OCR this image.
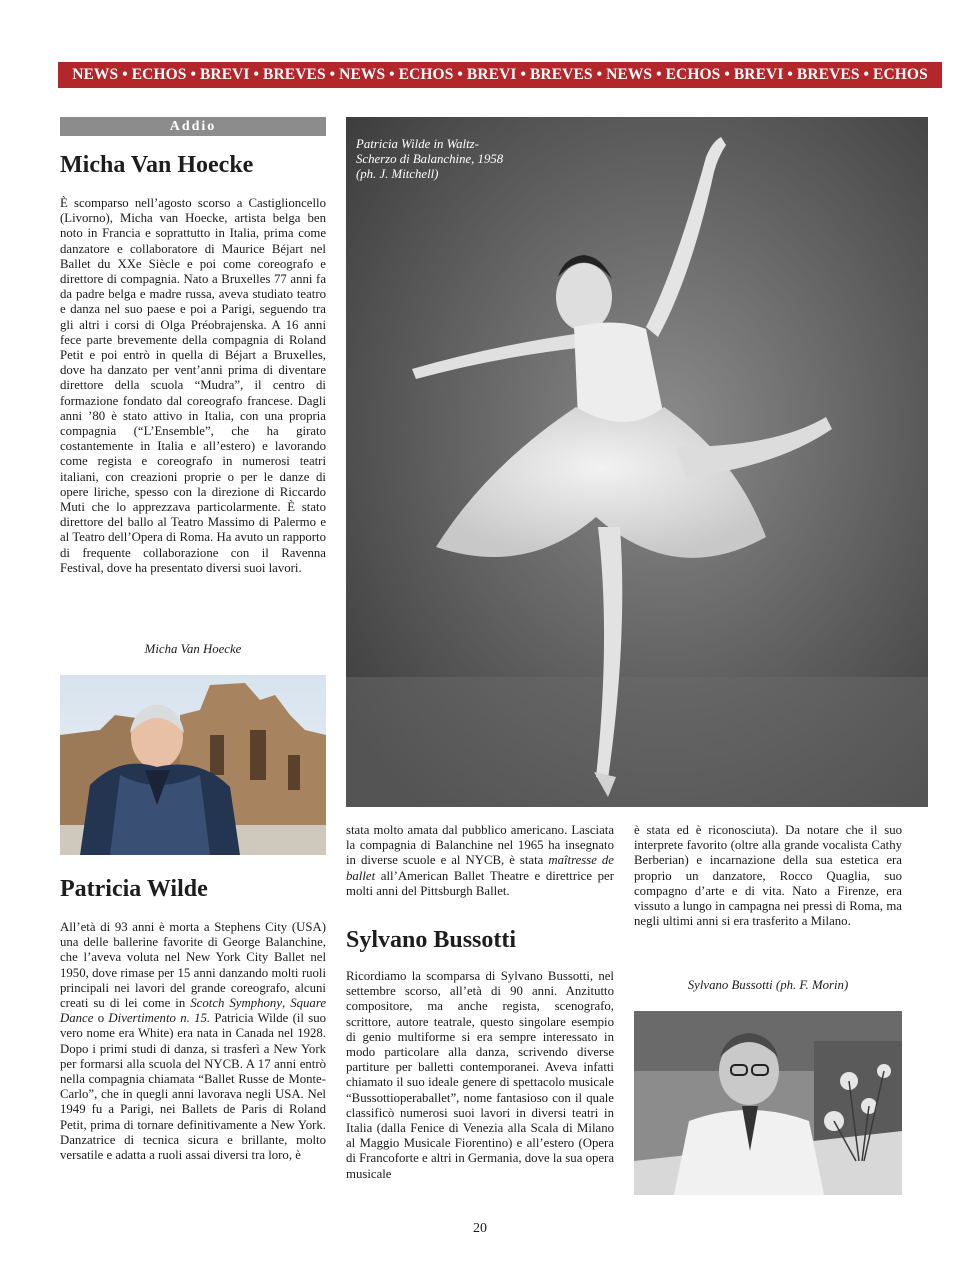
NEWS • ECHOS • BREVI • BREVES • NEWS • ECHOS • BREVI • BREVES • NEWS • ECHOS • BREVI • BREVES • ECHOS
Addio
Micha Van Hoecke

È scomparso nell’agosto scorso a Castiglioncello (Livorno), Micha van Hoecke, artista belga ben noto in Francia e soprattutto in Italia, prima come danzatore e collaboratore di Maurice Béjart nel Ballet du XXe Siècle e poi come coreografo e direttore di compagnia. Nato a Bruxelles 77 anni fa da padre belga e madre russa, aveva studiato teatro e danza nel suo paese e poi a Parigi, seguendo tra gli altri i corsi di Olga Préobrajenska. A 16 anni fece parte brevemente della compagnia di Roland Petit e poi entrò in quella di Béjart a Bruxelles, dove ha danzato per vent’anni prima di diventare direttore della scuola “Mudra”, il centro di formazione fondato dal coreografo francese. Dagli anni ’80 è stato attivo in Italia, con una propria compagnia (“L’Ensemble”, che ha girato costantemente in Italia e all’estero) e lavorando come regista e coreografo in numerosi teatri italiani, con creazioni proprie o per le danze di opere liriche, spesso con la direzione di Riccardo Muti che lo apprezzava particolarmente. È stato direttore del ballo al Teatro Massimo di Palermo e al Teatro dell’Opera di Roma. Ha avuto un rapporto di frequente collaborazione con il Ravenna Festival, dove ha presentato diversi suoi lavori.

Micha Van Hoecke
Patricia Wilde in Waltz-Scherzo di Balanchine, 1958 (ph. J. Mitchell)
Patricia Wilde

All’età di 93 anni è morta a Stephens City (USA) una delle ballerine favorite di George Balanchine, che l’aveva voluta nel New York City Ballet nel 1950, dove rimase per 15 anni danzando molti ruoli principali nei lavori del grande coreografo, alcuni creati su di lei come in Scotch Symphony, Square Dance o Divertimento n. 15. Patricia Wilde (il suo vero nome era White) era nata in Canada nel 1928. Dopo i primi studi di danza, si trasferì a New York per formarsi alla scuola del NYCB. A 17 anni entrò nella compagnia chiamata “Ballet Russe de Monte-Carlo”, che in quegli anni lavorava negli USA. Nel 1949 fu a Parigi, nei Ballets de Paris di Roland Petit, prima di tornare definitivamente a New York. Danzatrice di tecnica sicura e brillante, molto versatile e adatta a ruoli assai diversi tra loro, è

stata molto amata dal pubblico americano. Lasciata la compagnia di Balanchine nel 1965 ha insegnato in diverse scuole e al NYCB, è stata maîtresse de ballet all’American Ballet Theatre e direttrice per molti anni del Pittsburgh Ballet.

Sylvano Bussotti

Ricordiamo la scomparsa di Sylvano Bussotti, nel settembre scorso, all’età di 90 anni. Anzitutto compositore, ma anche regista, scenografo, scrittore, autore teatrale, questo singolare esempio di genio multiforme si era sempre interessato in modo particolare alla danza, scrivendo diverse partiture per balletti contemporanei. Aveva infatti chiamato il suo ideale genere di spettacolo musicale “Bussottioperaballet”, nome fantasioso con il quale classificò numerosi suoi lavori in diversi teatri in Italia (dalla Fenice di Venezia alla Scala di Milano al Maggio Musicale Fiorentino) e all’estero (Opera di Francoforte e altri in Germania, dove la sua opera musicale

è stata ed è riconosciuta). Da notare che il suo interprete favorito (oltre alla grande vocalista Cathy Berberian) e incarnazione della sua estetica era proprio un danzatore, Rocco Quaglia, suo compagno d’arte e di vita. Nato a Firenze, era vissuto a lungo in campagna nei pressi di Roma, ma negli ultimi anni si era trasferito a Milano.

Sylvano Bussotti (ph. F. Morin)
20
